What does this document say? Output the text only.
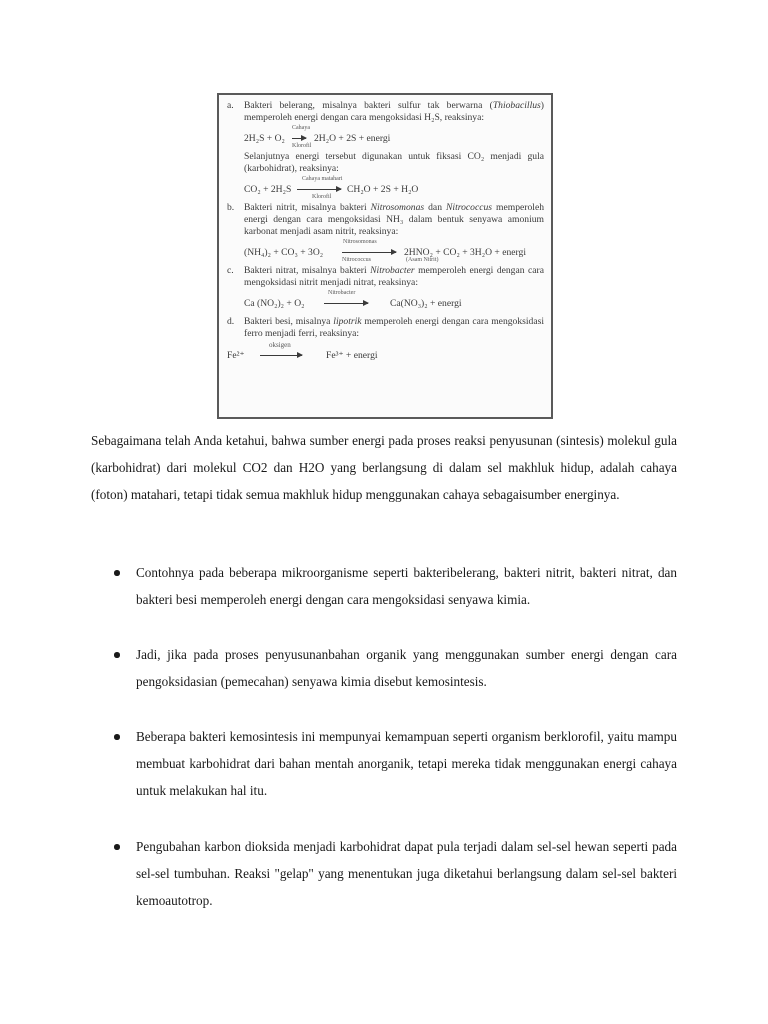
a. Bakteri belerang, misalnya bakteri sulfur tak berwarna (Thiobacillus) memperoleh energi dengan cara mengoksidasi H₂S, reaksinya:
2H₂S + O₂
Cahaya
Klorofil
2H₂O + 2S + energi
Selanjutnya energi tersebut digunakan untuk fiksasi CO₂ menjadi gula (karbohidrat), reaksinya:
CO₂ + 2H₂S
Cahaya matahari
Klorofil
CH₂O + 2S + H₂O
b. Bakteri nitrit, misalnya bakteri Nitrosomonas dan Nitrococcus memperoleh energi dengan cara mengoksidasi NH₃ dalam bentuk senyawa amonium karbonat menjadi asam nitrit, reaksinya:
(NH₄)₂ + CO₃ + 3O₂
Nitrosomonas
Nitrococcus
2HNO₂ + CO₂ + 3H₂O + energi
(Asam Nitrit)
c. Bakteri nitrat, misalnya bakteri Nitrobacter memperoleh energi dengan cara mengoksidasi nitrit menjadi nitrat, reaksinya:
Ca (NO₂)₂ + O₂
Nitrobacter
Ca(NO₃)₂ + energi
d. Bakteri besi, misalnya lipotrik memperoleh energi dengan cara mengoksidasi ferro menjadi ferri, reaksinya:
Fe²⁺
oksigen
Fe³⁺ + energi

Sebagaimana telah Anda ketahui, bahwa sumber energi pada proses reaksi penyusunan (sintesis) molekul gula (karbohidrat) dari molekul CO2 dan H2O yang berlangsung di dalam sel makhluk hidup, adalah cahaya (foton) matahari, tetapi tidak semua makhluk hidup menggunakan cahaya sebagaisumber energinya.

Contohnya pada beberapa mikroorganisme seperti bakteribelerang, bakteri nitrit, bakteri nitrat, dan bakteri besi memperoleh energi dengan cara mengoksidasi senyawa kimia.

Jadi, jika pada proses penyusunanbahan organik yang menggunakan sumber energi dengan cara pengoksidasian (pemecahan) senyawa kimia disebut kemosintesis.

Beberapa bakteri kemosintesis ini mempunyai kemampuan seperti organism berklorofil, yaitu mampu membuat karbohidrat dari bahan mentah anorganik, tetapi mereka tidak menggunakan energi cahaya untuk melakukan hal itu.

Pengubahan karbon dioksida menjadi karbohidrat dapat pula terjadi dalam sel-sel hewan seperti pada sel-sel tumbuhan. Reaksi "gelap" yang menentukan juga diketahui berlangsung dalam sel-sel bakteri kemoautotrop.
